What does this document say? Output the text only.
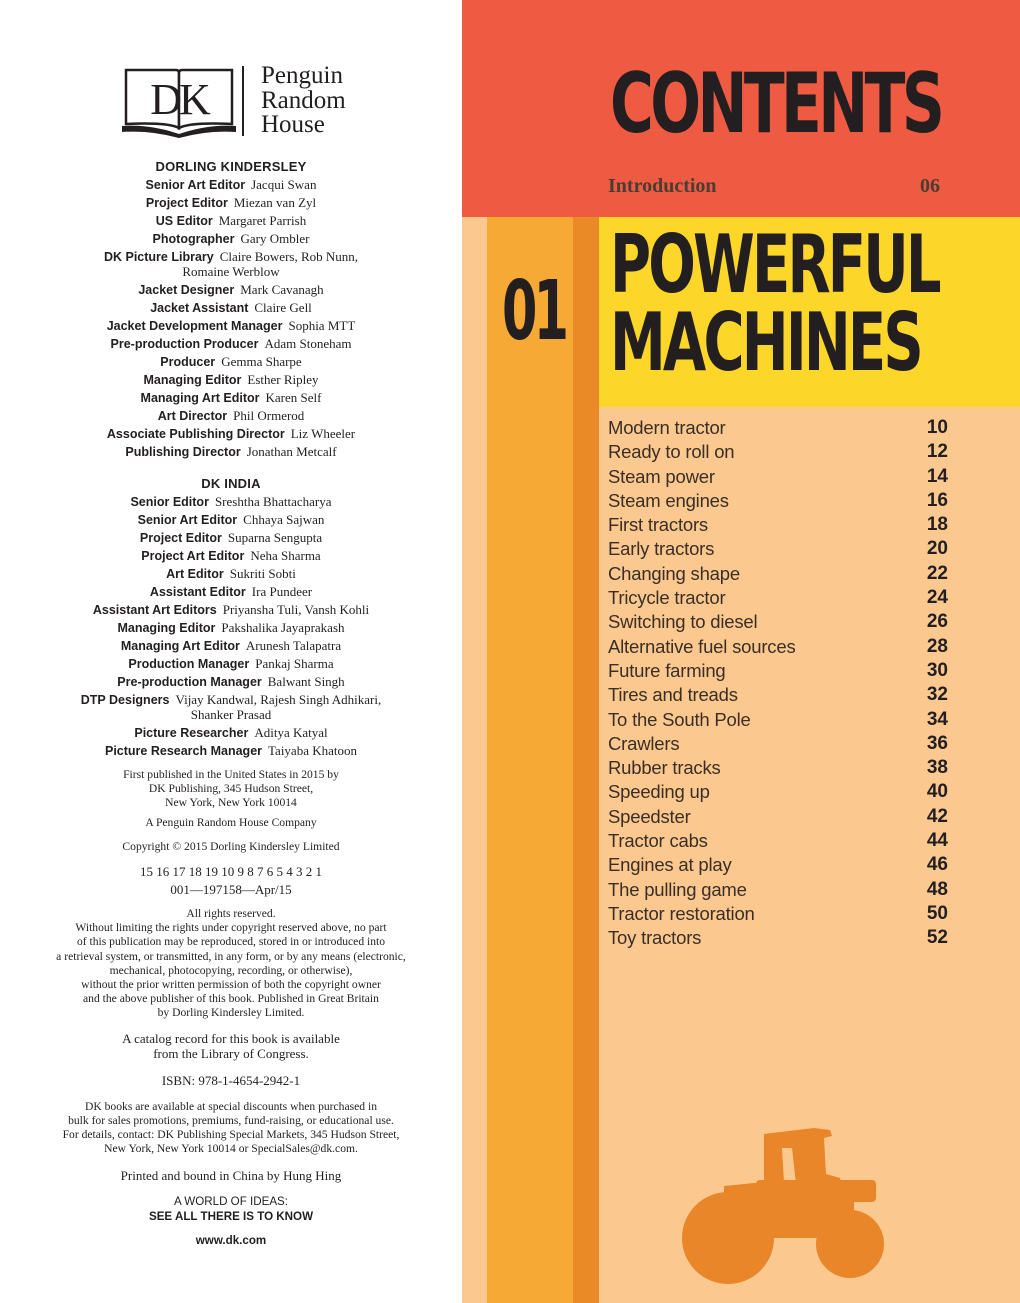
DK Penguin
Random
House
DORLING KINDERSLEY
Senior Art Editor Jacqui Swan
Project Editor Miezan van Zyl
US Editor Margaret Parrish
Photographer Gary Ombler
DK Picture Library Claire Bowers, Rob Nunn,
Romaine Werblow
Jacket Designer Mark Cavanagh
Jacket Assistant Claire Gell
Jacket Development Manager Sophia MTT
Pre-production Producer Adam Stoneham
Producer Gemma Sharpe
Managing Editor Esther Ripley
Managing Art Editor Karen Self
Art Director Phil Ormerod
Associate Publishing Director Liz Wheeler
Publishing Director Jonathan Metcalf
DK INDIA
Senior Editor Sreshtha Bhattacharya
Senior Art Editor Chhaya Sajwan
Project Editor Suparna Sengupta
Project Art Editor Neha Sharma
Art Editor Sukriti Sobti
Assistant Editor Ira Pundeer
Assistant Art Editors Priyansha Tuli, Vansh Kohli
Managing Editor Pakshalika Jayaprakash
Managing Art Editor Arunesh Talapatra
Production Manager Pankaj Sharma
Pre-production Manager Balwant Singh
DTP Designers Vijay Kandwal, Rajesh Singh Adhikari,
Shanker Prasad
Picture Researcher Aditya Katyal
Picture Research Manager Taiyaba Khatoon

First published in the United States in 2015 by
DK Publishing, 345 Hudson Street,
New York, New York 10014

A Penguin Random House Company

Copyright © 2015 Dorling Kindersley Limited

15 16 17 18 19 10 9 8 7 6 5 4 3 2 1

001—197158—Apr/15

All rights reserved.
Without limiting the rights under copyright reserved above, no part
of this publication may be reproduced, stored in or introduced into
a retrieval system, or transmitted, in any form, or by any means (electronic,
mechanical, photocopying, recording, or otherwise),
without the prior written permission of both the copyright owner
and the above publisher of this book. Published in Great Britain
by Dorling Kindersley Limited.

A catalog record for this book is available
from the Library of Congress.

ISBN: 978-1-4654-2942-1

DK books are available at special discounts when purchased in
bulk for sales promotions, premiums, fund-raising, or educational use.
For details, contact: DK Publishing Special Markets, 345 Hudson Street,
New York, New York 10014 or SpecialSales@dk.com.

Printed and bound in China by Hung Hing

A WORLD OF IDEAS:

SEE ALL THERE IS TO KNOW

www.dk.com

CONTENTS
Introduction	06
01 POWERFUL
MACHINES
Modern tractor	10
Ready to roll on	12
Steam power	14
Steam engines	16
First tractors	18
Early tractors	20
Changing shape	22
Tricycle tractor	24
Switching to diesel	26
Alternative fuel sources	28
Future farming	30
Tires and treads	32
To the South Pole	34
Crawlers	36
Rubber tracks	38
Speeding up	40
Speedster	42
Tractor cabs	44
Engines at play	46
The pulling game	48
Tractor restoration	50
Toy tractors	52
